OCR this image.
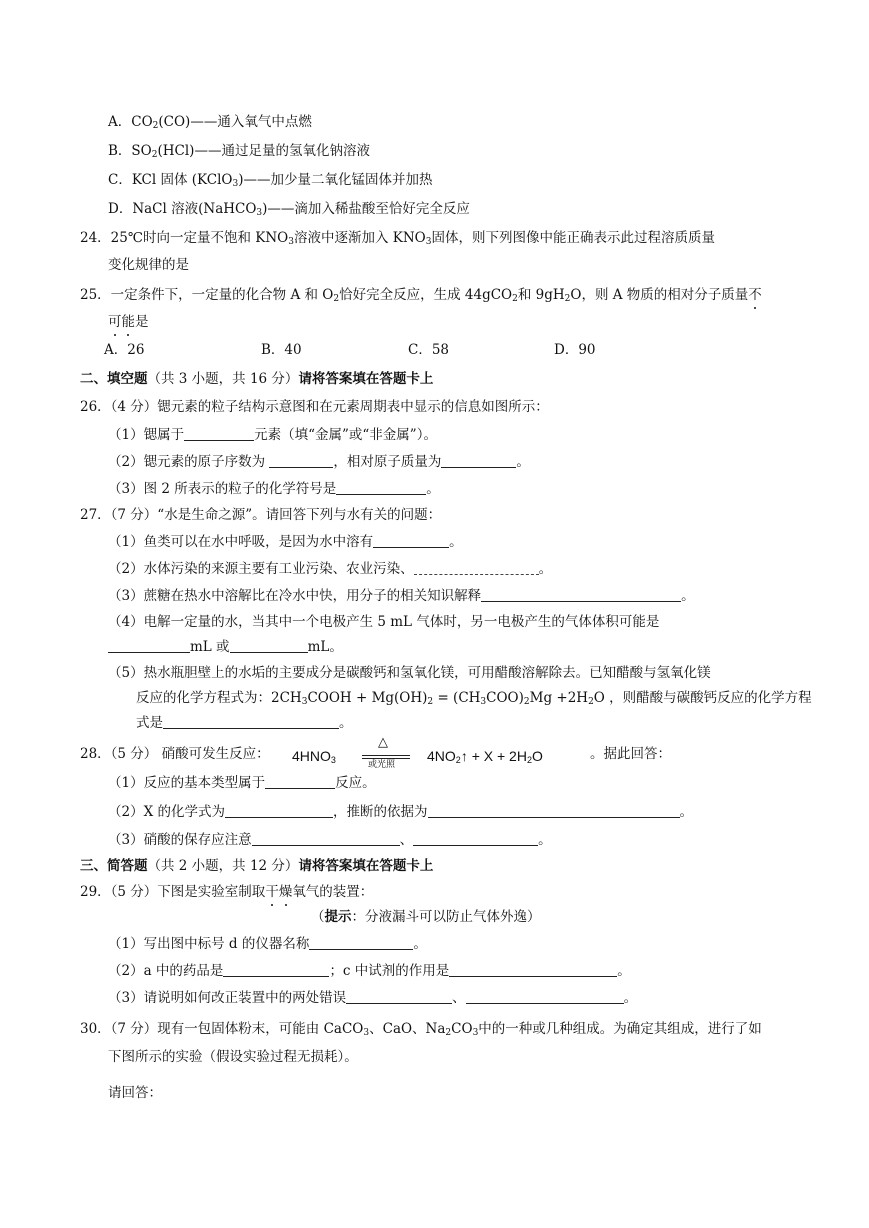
A．$CO_2(CO)——$通入氧气中点燃
B．$SO_2(HCl)——$通过足量的氢氧化钠溶液
C．KCl 固体 (KClO$_3$)——加少量二氧化锰固体并加热
D．NaCl 溶液(NaHCO$_3$)——滴加入稀盐酸至恰好完全反应
24．25℃时向一定量不饱和 $KNO_3$溶液中逐渐加入 $KNO_3$固体，则下列图像中能正确表示此过程溶质质量
变化规律的是
25．一定条件下，一定量的化合物 A 和 $O_2$恰好完全反应，生成 44gCO$_2$和 $9gH_2O$，则 A 物质的相对分子质量不
可能是
A．26	B．40	C．58	D．90
二、填空题（共 3 小题，共 16 分）请将答案填在答题卡上
26．（4 分）锶元素的粒子结构示意图和在元素周期表中显示的信息如图所示：
（1）锶属于	元素（填“金属”或“非金属”）。
（2）锶元素的原子序数为	，相对原子质量为	。
（3）图 2 所表示的粒子的化学符号是	。
27．（7 分）“水是生命之源”。请回答下列与水有关的问题：
（1）鱼类可以在水中呼吸，是因为水中溶有	。
（2）水体污染的来源主要有工业污染、农业污染、	。
（3）蔗糖在热水中溶解比在冷水中快，用分子的相关知识解释	。
（4）电解一定量的水，当其中一个电极产生 5 mL 气体时，另一电极产生的气体体积可能是
mL 或	mL。
（5）热水瓶胆壁上的水垢的主要成分是碳酸钙和氢氧化镁，可用醋酸溶解除去。已知醋酸与氢氧化镁
反应的化学方程式为：$2CH_3COOH + Mg(OH)_2 = (CH_3COO)_2Mg +2H_2O$ ，则醋酸与碳酸钙反应的化学方程
式是	。
28．（5 分） 硝酸可发生反应： $4HNO_3$
△
或光照
$4NO_2↑ + X + 2H_2O$	。据此回答：
（1）反应的基本类型属于	反应。
（2）X 的化学式为	，推断的依据为	。
（3）硝酸的保存应注意	、	。
三、简答题（共 2 小题，共 12 分）请将答案填在答题卡上
29．（5 分）下图是实验室制取干燥氧气的装置：
（提示：分液漏斗可以防止气体外逸）
（1）写出图中标号 d 的仪器名称	。
（2）a 中的药品是	；c 中试剂的作用是	。
（3）请说明如何改正装置中的两处错误	、	。
30．（7 分）现有一包固体粉末，可能由 CaCO$_3$、CaO、$Na_2CO_3$中的一种或几种组成。为确定其组成，进行了如
下图所示的实验（假设实验过程无损耗）。
请回答：
